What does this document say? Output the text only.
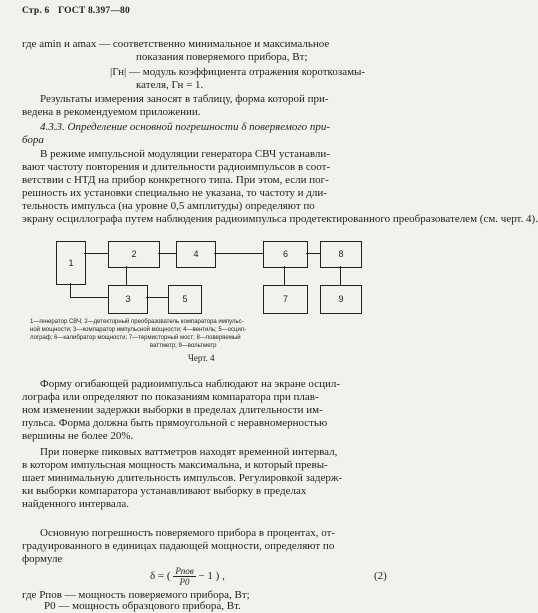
Стр. 6 ГОСТ 8.397—80
где amin и amax — соответственно минимальное и максимальное
показания поверяемого прибора, Вт;
|Гн| — модуль коэффициента отражения короткозамы-
кателя, Гн = 1.
Результаты измерения заносят в таблицу, форма которой при-
ведена в рекомендуемом приложении.
4.3.3. Определение основной погрешности δ поверяемого при-
бора
В режиме импульсной модуляции генератора СВЧ устанавли-
вают частоту повторения и длительности радиоимпульсов в соот-
ветствии с НТД на прибор конкретного типа. При этом, если пог-
решность их установки специально не указана, то частоту и дли-
тельность импульса (на уровне 0,5 амплитуды) определяют по
экрану осциллографа путем наблюдения радиоимпульса продетектированного преобразователем (см. черт. 4).
1
2	4
3	5
6	8
7	9
1—генератор СВЧ; 2—детекторный преобразователь компаратора импульс-
ной мощности; 3—компаратор импульсной мощности; 4—вентиль; 5—осцил-
лограф; 6—калибратор мощности; 7—термисторный мост; 8—поверяемый
ваттметр; 9—вольтметр
Черт. 4
Форму огибающей радиоимпульса наблюдают на экране осцил-
лографа или определяют по показаниям компаратора при плав-
ном изменении задержки выборки в пределах длительности им-
пульса. Форма должна быть прямоугольной с неравномерностью
вершины не более 20%.
При поверке пиковых ваттметров находят временной интервал,
в котором импульсная мощность максимальна, и который превы-
шает минимальную длительность импульсов. Регулировкой задерж-
ки выборки компаратора устанавливают выборку в пределах
найденного интервала.
Основную погрешность поверяемого прибора в процентах, от-
градуированного в единицах падающей мощности, определяют по
формуле
δ = ( $\frac{\text{Pпов}}{P0} - 1$ ) ,	(2)
где Pпов — мощность поверяемого прибора, Вт;
P0 — мощность образцового прибора, Вт.
